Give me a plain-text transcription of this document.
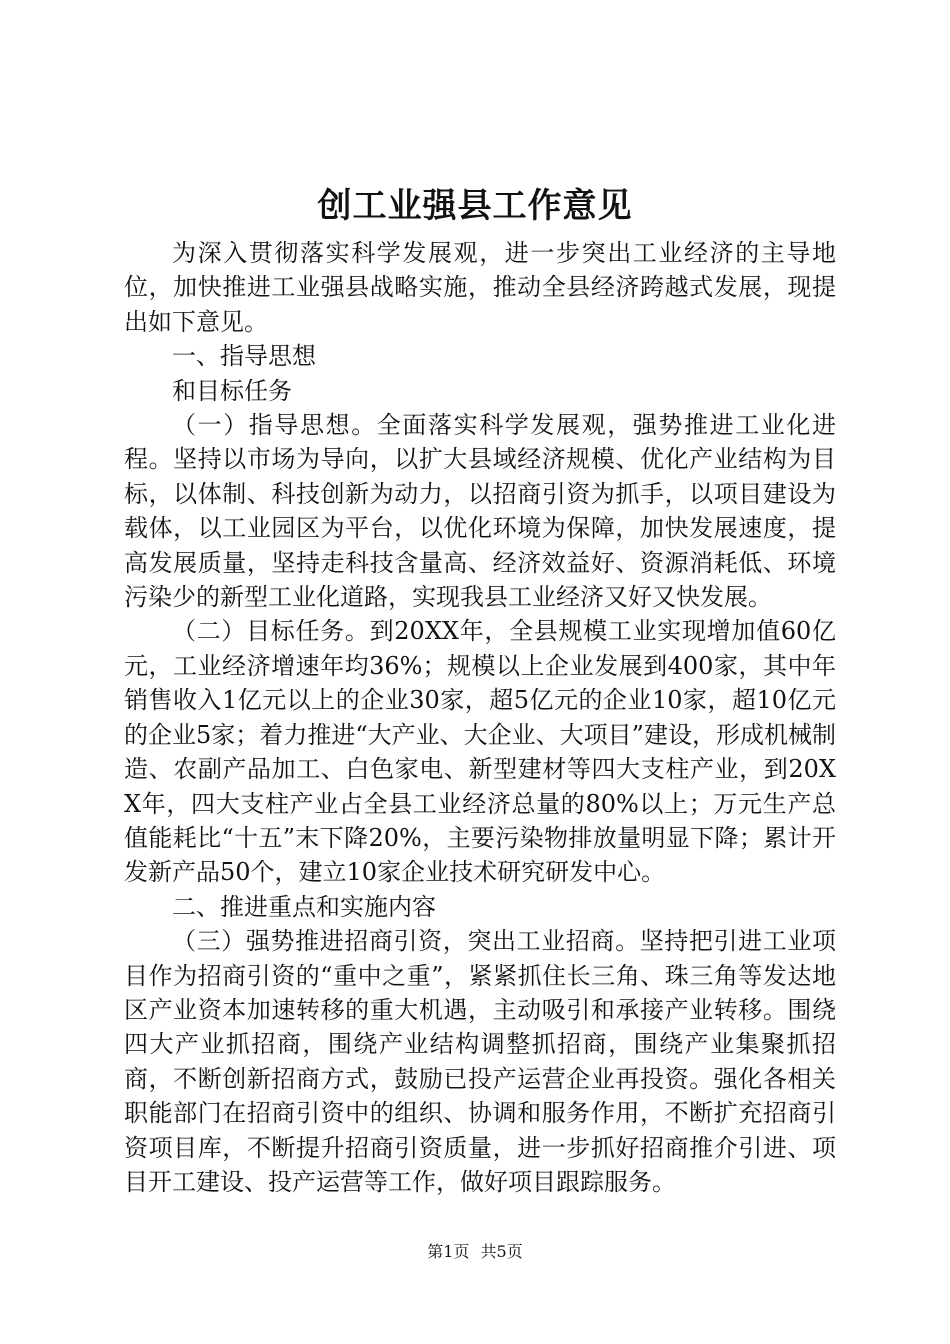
创工业强县工作意见

为深入贯彻落实科学发展观，进一步突出工业经济的主导地位，加快推进工业强县战略实施，推动全县经济跨越式发展，现提出如下意见。

一、指导思想

和目标任务

（一）指导思想。全面落实科学发展观，强势推进工业化进程。坚持以市场为导向，以扩大县域经济规模、优化产业结构为目标，以体制、科技创新为动力，以招商引资为抓手，以项目建设为载体，以工业园区为平台，以优化环境为保障，加快发展速度，提高发展质量，坚持走科技含量高、经济效益好、资源消耗低、环境污染少的新型工业化道路，实现我县工业经济又好又快发展。

（二）目标任务。到20XX年，全县规模工业实现增加值60亿元，工业经济增速年均36%；规模以上企业发展到400家，其中年销售收入1亿元以上的企业30家，超5亿元的企业10家，超10亿元的企业5家；着力推进“大产业、大企业、大项目”建设，形成机械制造、农副产品加工、白色家电、新型建材等四大支柱产业，到20XX年，四大支柱产业占全县工业经济总量的80%以上；万元生产总值能耗比“十五”末下降20%，主要污染物排放量明显下降；累计开发新产品50个，建立10家企业技术研究研发中心。

二、推进重点和实施内容

（三）强势推进招商引资，突出工业招商。坚持把引进工业项目作为招商引资的“重中之重”，紧紧抓住长三角、珠三角等发达地区产业资本加速转移的重大机遇，主动吸引和承接产业转移。围绕四大产业抓招商，围绕产业结构调整抓招商，围绕产业集聚抓招商，不断创新招商方式，鼓励已投产运营企业再投资。强化各相关职能部门在招商引资中的组织、协调和服务作用，不断扩充招商引资项目库，不断提升招商引资质量，进一步抓好招商推介引进、项目开工建设、投产运营等工作，做好项目跟踪服务。

第1页 共5页
